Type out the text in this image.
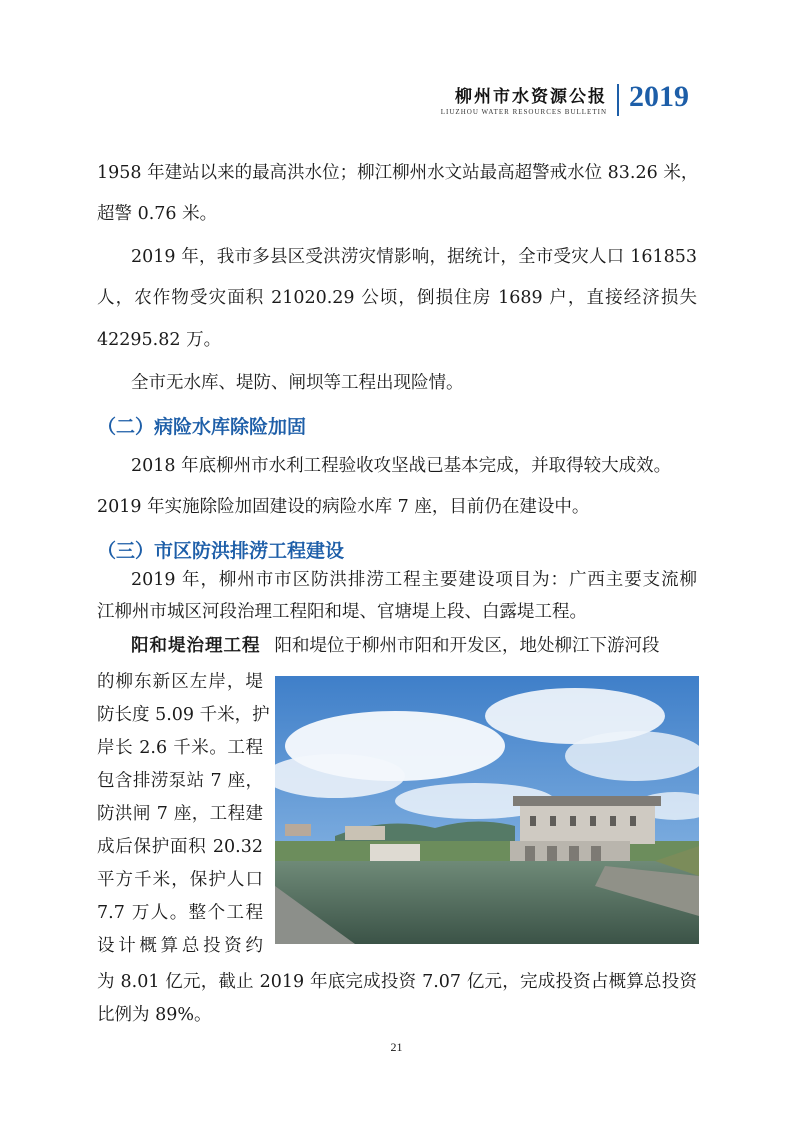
柳州市水资源公报
LIUZHOU WATER RESOURCES BULLETIN 2019
1958 年建站以来的最高洪水位；柳江柳州水文站最高超警戒水位 83.26 米，
超警 0.76 米。
2019 年，我市多县区受洪涝灾情影响，据统计，全市受灾人口 161853
人，农作物受灾面积 21020.29 公顷，倒损住房 1689 户，直接经济损失
42295.82 万。
全市无水库、堤防、闸坝等工程出现险情。
（二）病险水库除险加固
2018 年底柳州市水利工程验收攻坚战已基本完成，并取得较大成效。
2019 年实施除险加固建设的病险水库 7 座，目前仍在建设中。
（三）市区防洪排涝工程建设
2019 年，柳州市市区防洪排涝工程主要建设项目为：广西主要支流柳
江柳州市城区河段治理工程阳和堤、官塘堤上段、白露堤工程。
阳和堤治理工程 阳和堤位于柳州市阳和开发区，地处柳江下游河段
的柳东新区左岸，堤
防长度 5.09 千米，护
岸长 2.6 千米。工程
包含排涝泵站 7 座，
防洪闸 7 座，工程建
成后保护面积 20.32
平方千米，保护人口
7.7 万人。整个工程
设计概算总投资约
为 8.01 亿元，截止 2019 年底完成投资 7.07 亿元，完成投资占概算总投资
比例为 89%。
21
